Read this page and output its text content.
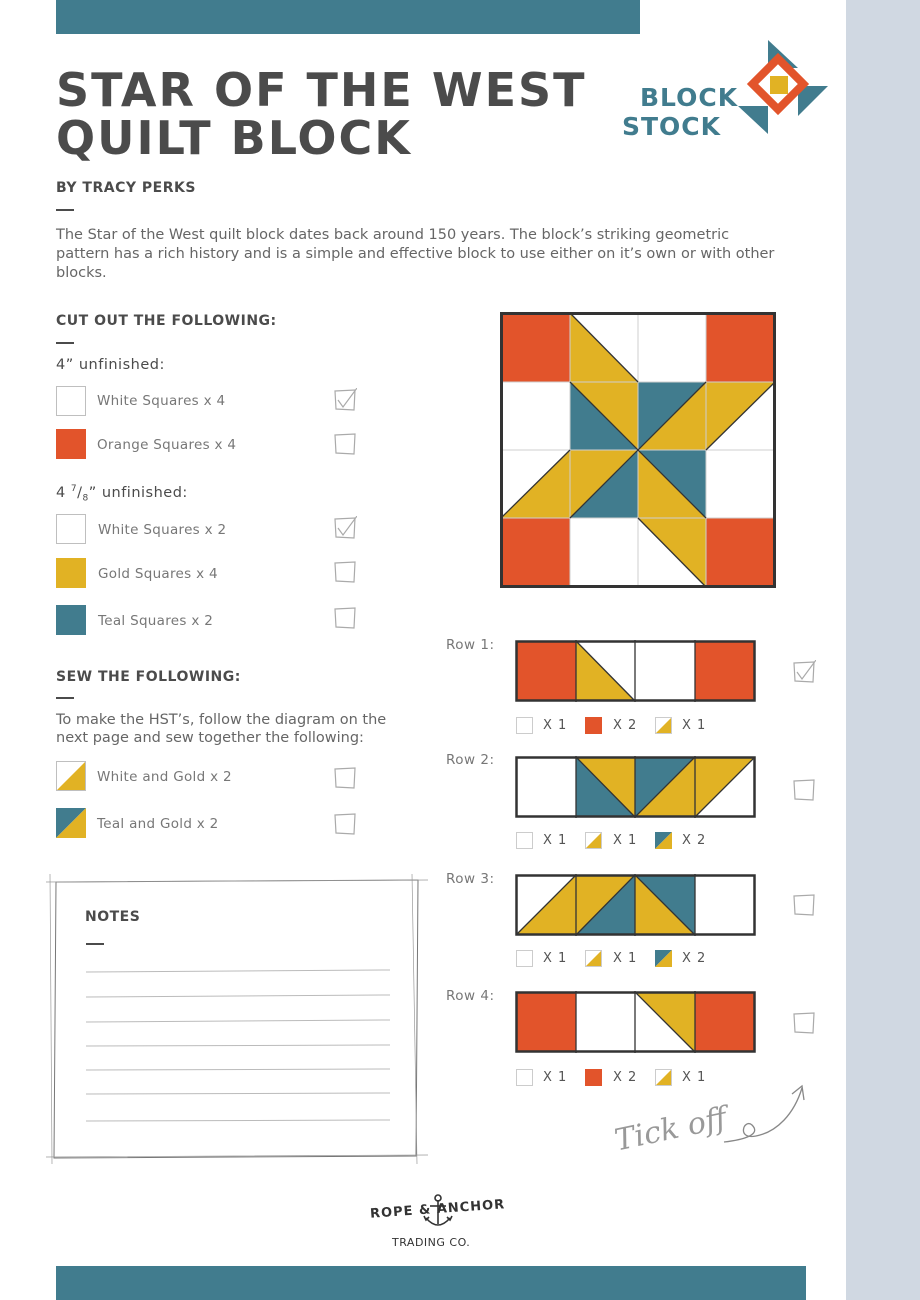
STAR OF THE WEST
QUILT BLOCK
BLOCK
STOCK
BY TRACY PERKS
The Star of the West quilt block dates back around 150 years. The block’s striking geometric pattern has a rich history and is a simple and effective block to use either on it’s own or with other blocks.
CUT OUT THE FOLLOWING:
4” unfinished:
White Squares x 4
Orange Squares x 4
4 $^7/_8$” unfinished:
White Squares x 2
Gold Squares x 4
Teal Squares x 2
SEW THE FOLLOWING:
To make the HST’s, follow the diagram on the
next page and sew together the following:
White and Gold x 2
Teal and Gold x 2
NOTES
Row 1:
X 1	X 2	X 1
Row 2:
X 1	X 1	X 2
Row 3:
X 1	X 1	X 2
Row 4:
X 1	X 2	X 1
Tick off
ROPE & ANCHOR
TRADING CO.
